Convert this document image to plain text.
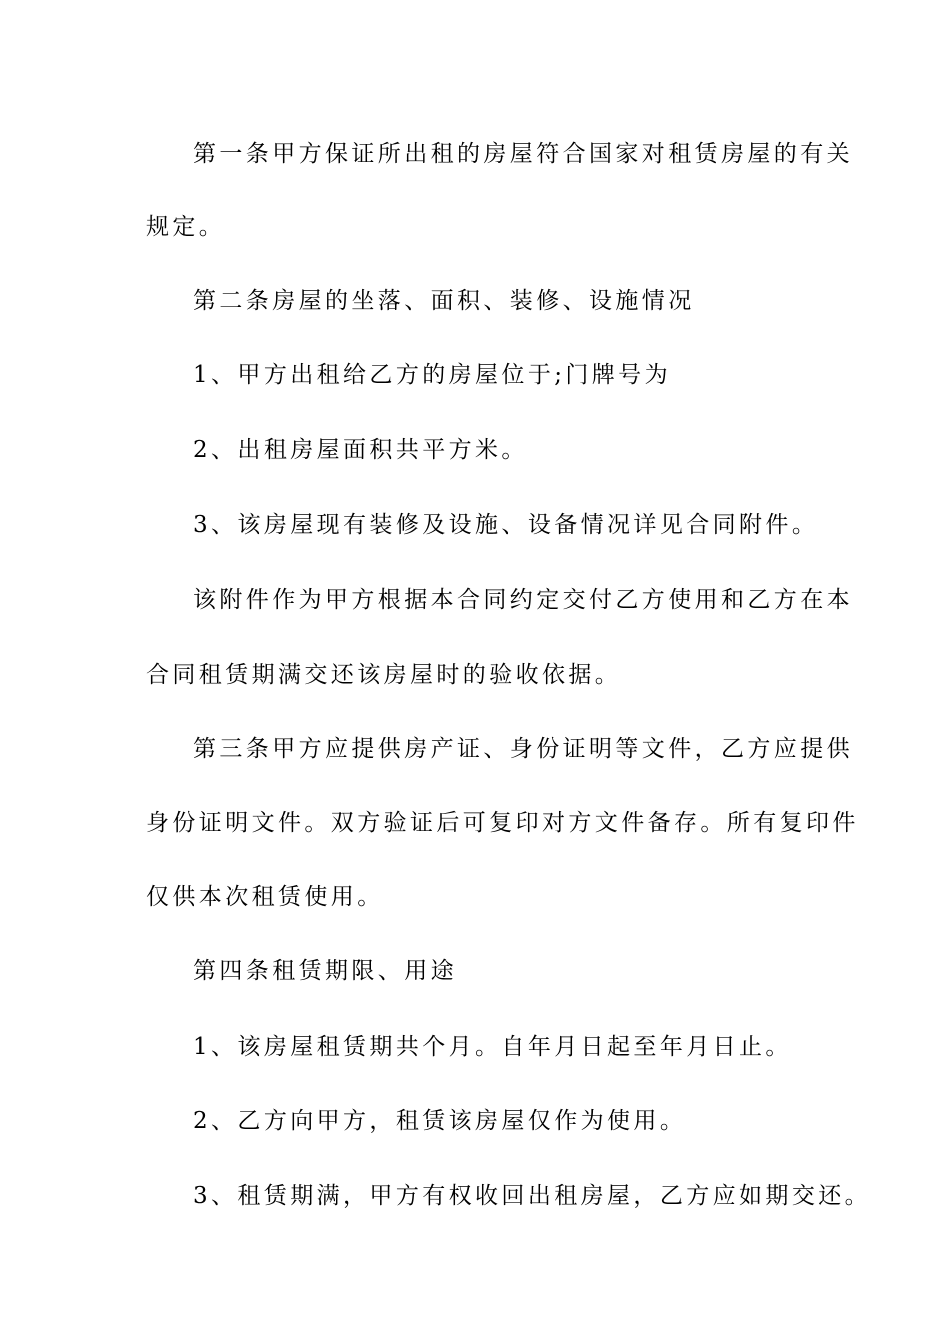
第一条甲方保证所出租的房屋符合国家对租赁房屋的有关
规定。
第二条房屋的坐落、面积、装修、设施情况
1、甲方出租给乙方的房屋位于;门牌号为
2、出租房屋面积共平方米。
3、该房屋现有装修及设施、设备情况详见合同附件。
该附件作为甲方根据本合同约定交付乙方使用和乙方在本
合同租赁期满交还该房屋时的验收依据。
第三条甲方应提供房产证、身份证明等文件，乙方应提供
身份证明文件。双方验证后可复印对方文件备存。所有复印件
仅供本次租赁使用。
第四条租赁期限、用途
1、该房屋租赁期共个月。自年月日起至年月日止。
2、乙方向甲方，租赁该房屋仅作为使用。
3、租赁期满，甲方有权收回出租房屋，乙方应如期交还。
